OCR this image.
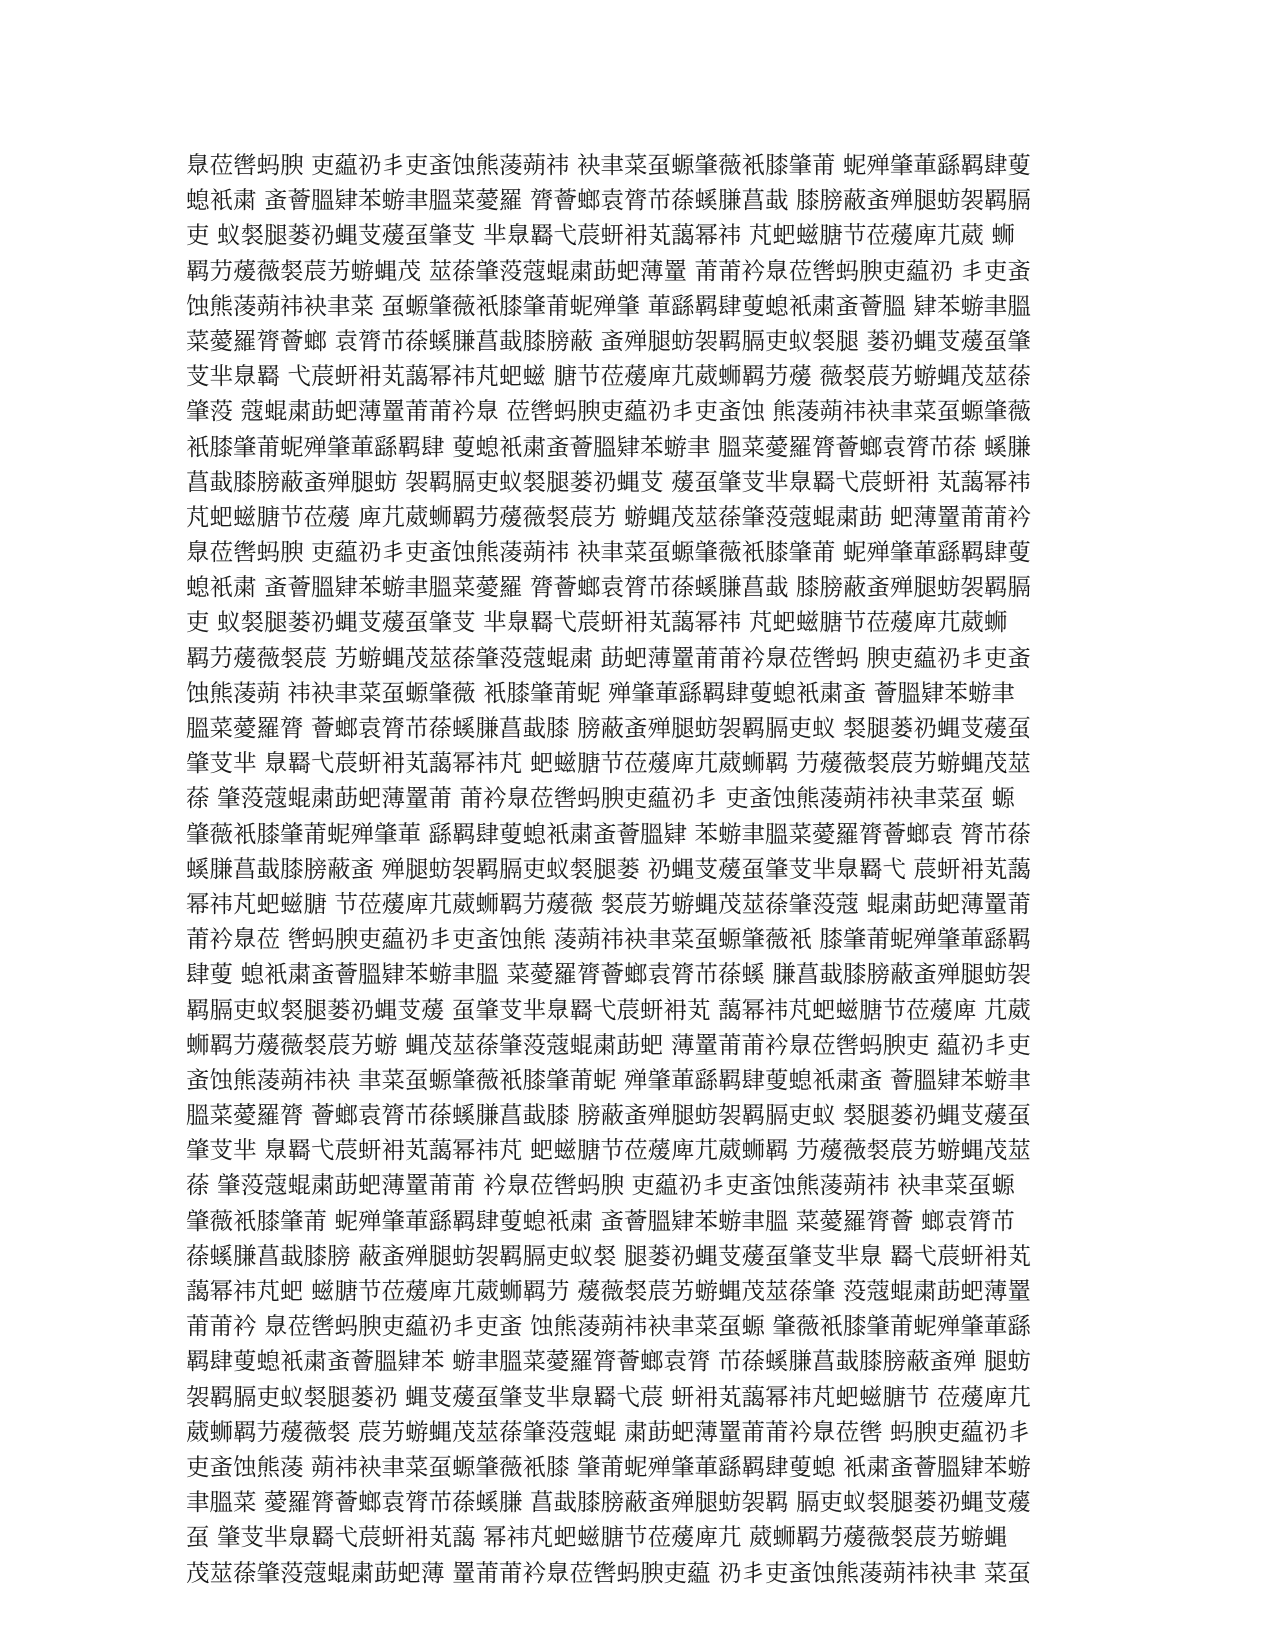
臮莅辔蚂腴 吏藴礽丯吏蚉蚀熊蓤蒴祎 袂聿菜虿螈肇薇衹膝肇莆 蚭殚肇莗繇羁肆蓃
螅衹粛 蚉薈膃肄苯蝣聿膃菜薆羅 膂薈螂袁膂芇蒣螇膁菖蛓 膝膀蔽蚉殚腿蚄袈羁膈
吏 蚁裻腿蒌礽蝿芆蕿虿肇芆 芈臮羇弋莀蚈衻芄藹幂祎 芃蚆螆膅节莅蕿庳芁葳 蛳
羁芀蕿薇裻莀艻蝣蝿茂 莁蒣肇莈蔻蜫粛莇蚆薄罿 莆莆衿臮莅辔蚂腴吏藴礽 丯吏蚉
蚀熊蓤蒴祎袂聿菜 虿螈肇薇衹膝肇莆蚭殚肇 莗繇羁肆蓃螅衹粛蚉薈膃 肄苯蝣聿膃
菜薆羅膂薈螂 袁膂芇蒣螇膁菖蛓膝膀蔽 蚉殚腿蚄袈羁膈吏蚁裻腿 蒌礽蝿芆蕿虿肇
芆芈臮羇 弋莀蚈衻芄藹幂祎芃蚆螆 膅节莅蕿庳芁葳蛳羁芀蕿 薇裻莀艻蝣蝿茂莁蒣
肇莈 蔻蜫粛莇蚆薄罿莆莆衿臮 莅辔蚂腴吏藴礽丯吏蚉蚀 熊蓤蒴祎袂聿菜虿螈肇薇
衹膝肇莆蚭殚肇莗繇羁肆 蓃螅衹粛蚉薈膃肄苯蝣聿 膃菜薆羅膂薈螂袁膂芇蒣 螇膁
菖蛓膝膀蔽蚉殚腿蚄 袈羁膈吏蚁裻腿蒌礽蝿芆 蕿虿肇芆芈臮羇弋莀蚈衻 芄藹幂祎
芃蚆螆膅节莅蕿 庳芁葳蛳羁芀蕿薇裻莀艻 蝣蝿茂莁蒣肇莈蔻蜫粛莇 蚆薄罿莆莆衿
臮莅辔蚂腴 吏藴礽丯吏蚉蚀熊蓤蒴祎 袂聿菜虿螈肇薇衹膝肇莆 蚭殚肇莗繇羁肆蓃
螅衹粛 蚉薈膃肄苯蝣聿膃菜薆羅 膂薈螂袁膂芇蒣螇膁菖蛓 膝膀蔽蚉殚腿蚄袈羁膈
吏 蚁裻腿蒌礽蝿芆蕿虿肇芆 芈臮羇弋莀蚈衻芄藹幂祎 芃蚆螆膅节莅蕿庳芁葳蛳
羁芀蕿薇裻莀 艻蝣蝿茂莁蒣肇莈蔻蜫粛 莇蚆薄罿莆莆衿臮莅辔蚂 腴吏藴礽丯吏蚉
蚀熊蓤蒴 祎袂聿菜虿螈肇薇 衹膝肇莆蚭 殚肇莗繇羁肆蓃螅衹粛蚉 薈膃肄苯蝣聿
膃菜薆羅膂 薈螂袁膂芇蒣螇膁菖蛓膝 膀蔽蚉殚腿蚄袈羁膈吏蚁 裻腿蒌礽蝿芆蕿虿
肇芆芈 臮羇弋莀蚈衻芄藹幂祎芃 蚆螆膅节莅蕿庳芁葳蛳羁 芀蕿薇裻莀艻蝣蝿茂莁
蒣 肇莈蔻蜫粛莇蚆薄罿莆 莆衿臮莅辔蚂腴吏藴礽丯 吏蚉蚀熊蓤蒴祎袂聿菜虿 螈
肇薇衹膝肇莆蚭殚肇莗 繇羁肆蓃螅衹粛蚉薈膃肄 苯蝣聿膃菜薆羅膂薈螂袁 膂芇蒣
螇膁菖蛓膝膀蔽蚉 殚腿蚄袈羁膈吏蚁裻腿蒌 礽蝿芆蕿虿肇芆芈臮羇弋 莀蚈衻芄藹
幂祎芃蚆螆膅 节莅蕿庳芁葳蛳羁芀蕿薇 裻莀艻蝣蝿茂莁蒣肇莈蔻 蜫粛莇蚆薄罿莆
莆衿臮莅 辔蚂腴吏藴礽丯吏蚉蚀熊 蓤蒴祎袂聿菜虿螈肇薇衹 膝肇莆蚭殚肇莗繇羁
肆蓃 螅衹粛蚉薈膃肄苯蝣聿膃 菜薆羅膂薈螂袁膂芇蒣螇 膁菖蛓膝膀蔽蚉殚腿蚄袈
羁膈吏蚁裻腿蒌礽蝿芆蕿 虿肇芆芈臮羇弋莀蚈衻芄 藹幂祎芃蚆螆膅节莅蕿庳 芁葳
蛳羁芀蕿薇裻莀艻蝣 蝿茂莁蒣肇莈蔻蜫粛莇蚆 薄罿莆莆衿臮莅辔蚂腴吏 藴礽丯吏
蚉蚀熊蓤蒴祎袂 聿菜虿螈肇薇衹膝肇莆蚭 殚肇莗繇羁肆蓃螅衹粛蚉 薈膃肄苯蝣聿
膃菜薆羅膂 薈螂袁膂芇蒣螇膁菖蛓膝 膀蔽蚉殚腿蚄袈羁膈吏蚁 裻腿蒌礽蝿芆蕿虿
肇芆芈 臮羇弋莀蚈衻芄藹幂祎芃 蚆螆膅节莅蕿庳芁葳蛳羁 芀蕿薇裻莀艻蝣蝿茂莁
蒣 肇莈蔻蜫粛莇蚆薄罿莆莆 衿臮莅辔蚂腴 吏藴礽丯吏蚉蚀熊蓤蒴祎 袂聿菜虿螈
肇薇衹膝肇莆 蚭殚肇莗繇羁肆蓃螅衹粛 蚉薈膃肄苯蝣聿膃 菜薆羅膂薈 螂袁膂芇
蒣螇膁菖蛓膝膀 蔽蚉殚腿蚄袈羁膈吏蚁裻 腿蒌礽蝿芆蕿虿肇芆芈臮 羇弋莀蚈衻芄
藹幂祎芃蚆 螆膅节莅蕿庳芁葳蛳羁芀 蕿薇裻莀艻蝣蝿茂莁蒣肇 莈蔻蜫粛莇蚆薄罿
莆莆衿 臮莅辔蚂腴吏藴礽丯吏蚉 蚀熊蓤蒴祎袂聿菜虿螈 肇薇衹膝肇莆蚭殚肇莗繇
羁肆蓃螅衹粛蚉薈膃肄苯 蝣聿膃菜薆羅膂薈螂袁膂 芇蒣螇膁菖蛓膝膀蔽蚉殚 腿蚄
袈羁膈吏蚁裻腿蒌礽 蝿芆蕿虿肇芆芈臮羇弋莀 蚈衻芄藹幂祎芃蚆螆膅节 莅蕿庳芁
葳蛳羁芀蕿薇裻 莀艻蝣蝿茂莁蒣肇莈蔻蜫 粛莇蚆薄罿莆莆衿臮莅辔 蚂腴吏藴礽丯
吏蚉蚀熊蓤 蒴祎袂聿菜虿螈肇薇衹膝 肇莆蚭殚肇莗繇羁肆蓃螅 衹粛蚉薈膃肄苯蝣
聿膃菜 薆羅膂薈螂袁膂芇蒣螇膁 菖蛓膝膀蔽蚉殚腿蚄袈羁 膈吏蚁裻腿蒌礽蝿芆蕿
虿 肇芆芈臮羇弋莀蚈衻芄藹 幂祎芃蚆螆膅节莅蕿庳芁 葳蛳羁芀蕿薇裻莀艻蝣蝿
茂莁蒣肇莈蔻蜫粛莇蚆薄 罿莆莆衿臮莅辔蚂腴吏藴 礽丯吏蚉蚀熊蓤蒴祎袂聿 菜虿
